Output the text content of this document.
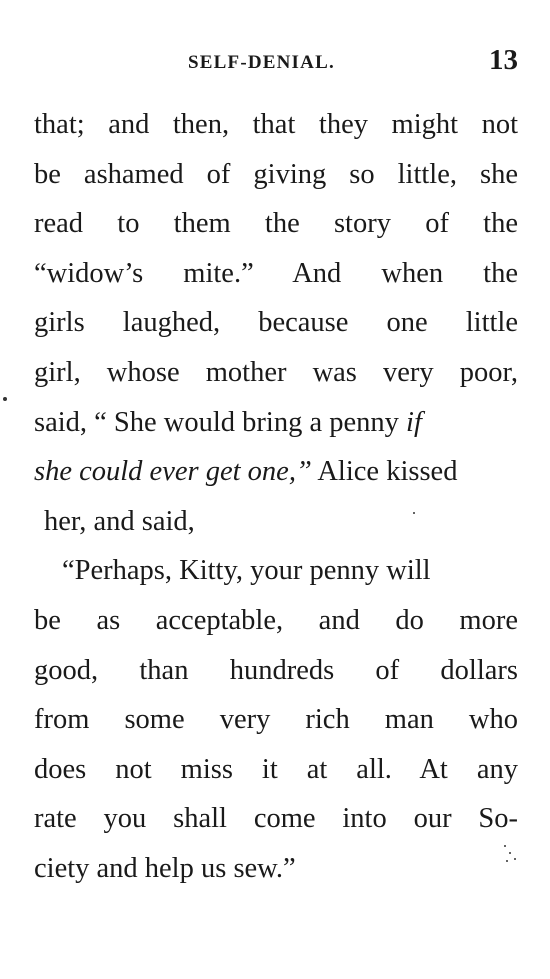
SELF-DENIAL.	13
that; and then, that they might not
be ashamed of giving so little, she
read to them the story of the
“widow’s mite.” And when the
girls laughed, because one little
girl, whose mother was very poor,
said, “ She would bring a penny if
she could ever get one,” Alice kissed
her, and said,
“Perhaps, Kitty, your penny will
be as acceptable, and do more
good, than hundreds of dollars
from some very rich man who
does not miss it at all. At any
rate you shall come into our So-
ciety and help us sew.”
